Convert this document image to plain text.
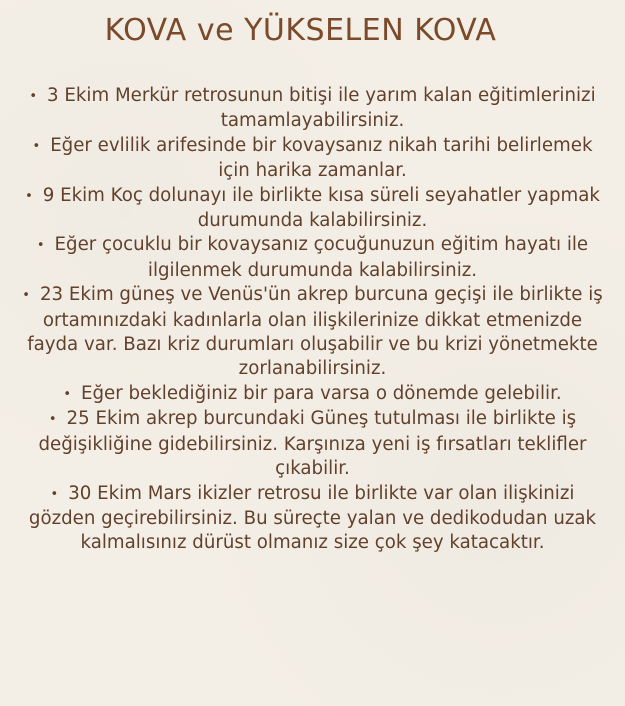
KOVA ve YÜKSELEN KOVA
• 3 Ekim Merkür retrosunun bitişi ile yarım kalan eğitimlerinizi tamamlayabilirsiniz.
• Eğer evlilik arifesinde bir kovaysanız nikah tarihi belirlemek için harika zamanlar.
• 9 Ekim Koç dolunayı ile birlikte kısa süreli seyahatler yapmak durumunda kalabilirsiniz.
• Eğer çocuklu bir kovaysanız çocuğunuzun eğitim hayatı ile ilgilenmek durumunda kalabilirsiniz.
• 23 Ekim güneş ve Venüs'ün akrep burcuna geçişi ile birlikte iş ortamınızdaki kadınlarla olan ilişkilerinize dikkat etmenizde fayda var. Bazı kriz durumları oluşabilir ve bu krizi yönetmekte zorlanabilirsiniz.
• Eğer beklediğiniz bir para varsa o dönemde gelebilir.
• 25 Ekim akrep burcundaki Güneş tutulması ile birlikte iş değişikliğine gidebilirsiniz. Karşınıza yeni iş fırsatları teklifler çıkabilir.
• 30 Ekim Mars ikizler retrosu ile birlikte var olan ilişkinizi gözden geçirebilirsiniz. Bu süreçte yalan ve dedikodudan uzak kalmalısınız dürüst olmanız size çok şey katacaktır.
